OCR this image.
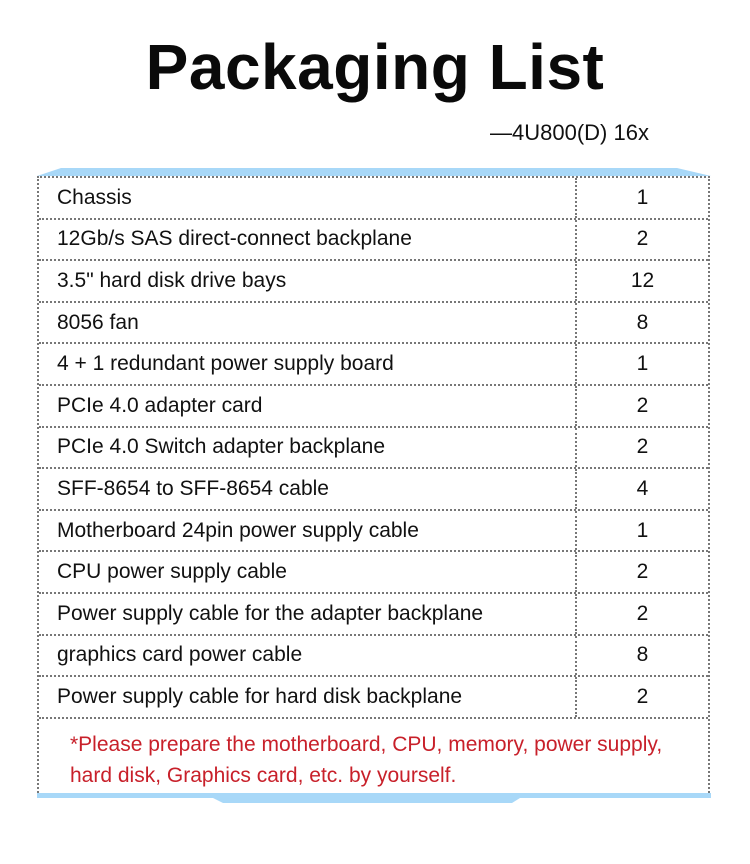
Packaging List
—4U800(D) 16x
Chassis	1
12Gb/s SAS direct-connect backplane	2
3.5" hard disk drive bays	12
8056 fan	8
4 + 1 redundant power supply board	1
PCIe 4.0 adapter card	2
PCIe 4.0 Switch adapter backplane	2
SFF-8654 to SFF-8654 cable	4
Motherboard 24pin power supply cable	1
CPU power supply cable	2
Power supply cable for the adapter backplane	2
graphics card power cable	8
Power supply cable for hard disk backplane	2
*Please prepare the motherboard, CPU, memory, power supply, hard disk, Graphics card, etc. by yourself.
